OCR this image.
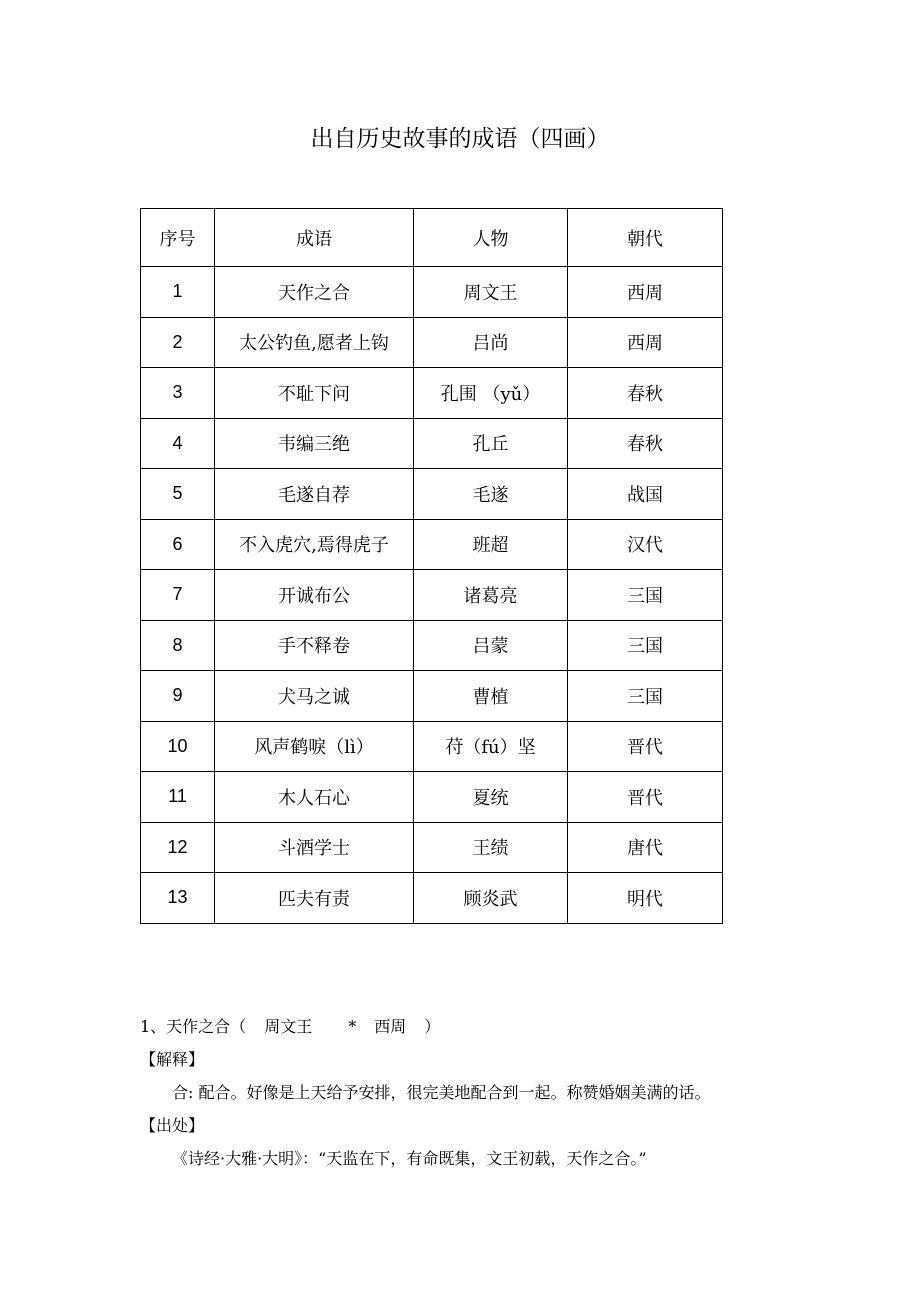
出自历史故事的成语（四画）
序号	成语	人物	朝代
1	天作之合	周文王	西周
2	太公钓鱼,愿者上钩	吕尚	西周
3	不耻下问	孔围 （yǔ）	春秋
4	韦编三绝	孔丘	春秋
5	毛遂自荐	毛遂	战国
6	不入虎穴,焉得虎子	班超	汉代
7	开诚布公	诸葛亮	三国
8	手不释卷	吕蒙	三国
9	犬马之诚	曹植	三国
10	风声鹤唳（lì）	苻（fú）坚	晋代
11	木人石心	夏统	晋代
12	斗酒学士	王绩	唐代
13	匹夫有责	顾炎武	明代
1、天作之合（ 周文王 * 西周 ）
【解释】
合: 配合。好像是上天给予安排，很完美地配合到一起。称赞婚姻美满的话。
【出处】
《诗经·大雅·大明》：“天监在下，有命既集，文王初载，天作之合。”
